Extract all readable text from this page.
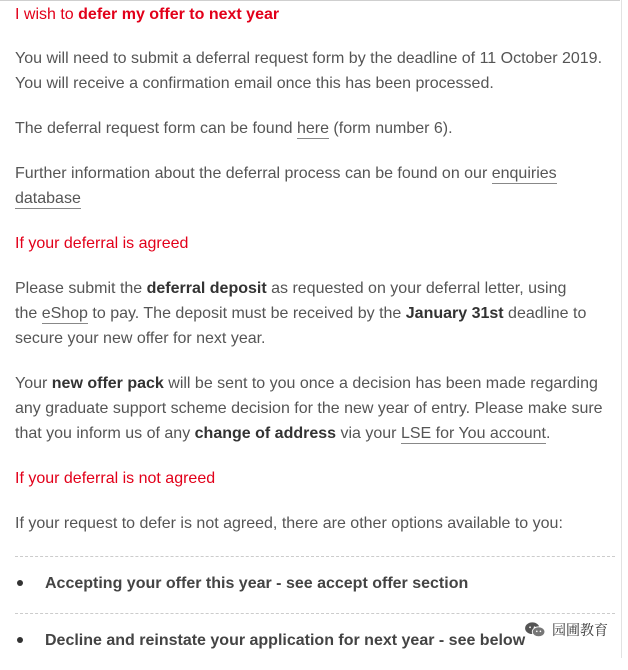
I wish to defer my offer to next year

You will need to submit a deferral request form by the deadline of 11 October 2019.

You will receive a confirmation email once this has been processed.

The deferral request form can be found here (form number 6).

Further information about the deferral process can be found on our enquiries

database

If your deferral is agreed

Please submit the deferral deposit as requested on your deferral letter, using

the eShop to pay. The deposit must be received by the January 31st deadline to

secure your new offer for next year.

Your new offer pack will be sent to you once a decision has been made regarding

any graduate support scheme decision for the new year of entry. Please make sure

that you inform us of any change of address via your LSE for You account.

If your deferral is not agreed

If your request to defer is not agreed, there are other options available to you:

Accepting your offer this year - see accept offer section
Decline and reinstate your application for next year - see below
园圃教育
